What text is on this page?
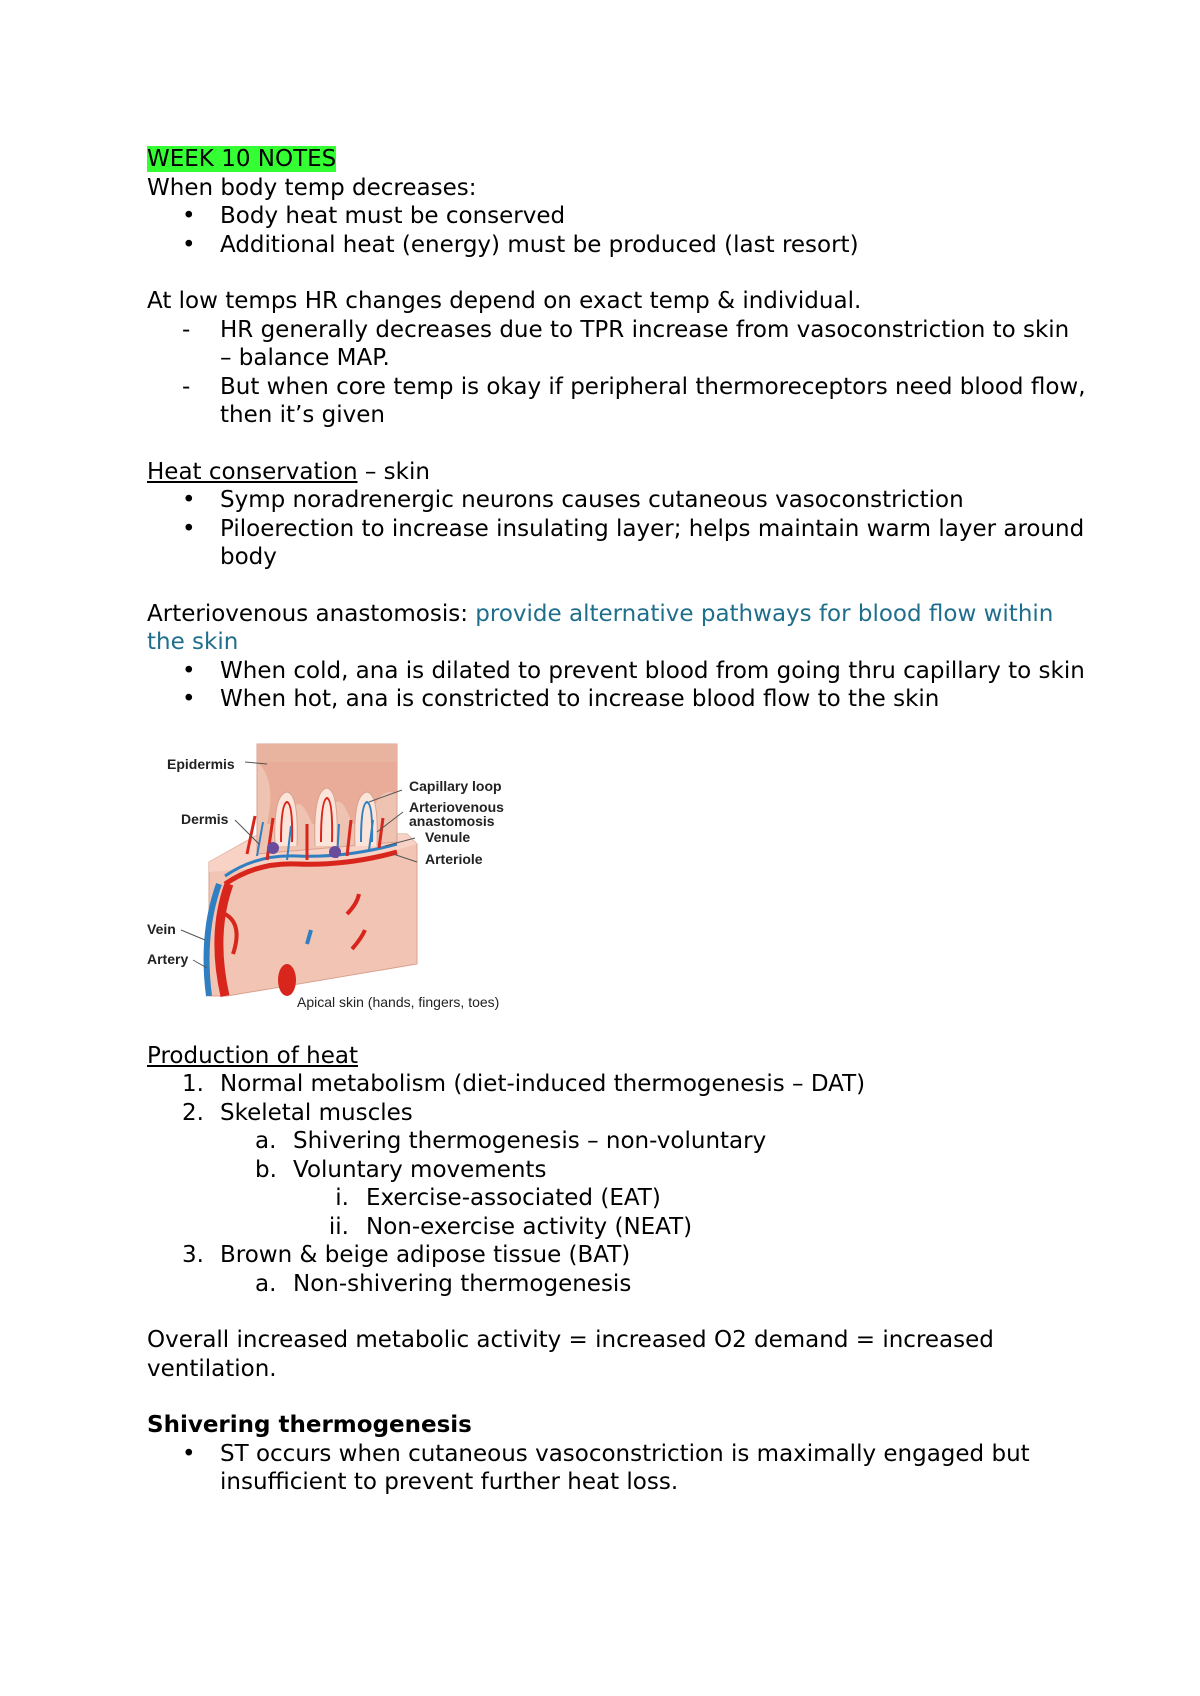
WEEK 10 NOTES

When body temp decreases:

• Body heat must be conserved
• Additional heat (energy) must be produced (last resort)

At low temps HR changes depend on exact temp & individual.

- HR generally decreases due to TPR increase from vasoconstriction to skin – balance MAP.
- But when core temp is okay if peripheral thermoreceptors need blood flow, then it’s given

Heat conservation – skin

• Symp noradrenergic neurons causes cutaneous vasoconstriction
• Piloerection to increase insulating layer; helps maintain warm layer around body

Arteriovenous anastomosis: provide alternative pathways for blood flow within the skin

• When cold, ana is dilated to prevent blood from going thru capillary to skin
• When hot, ana is constricted to increase blood flow to the skin
Epidermis
Dermis
Vein
Artery
Capillary loop
Arteriovenous
anastomosis
Venule
Arteriole
Apical skin (hands, fingers, toes)

Production of heat

1. Normal metabolism (diet-induced thermogenesis – DAT)
2. Skeletal muscles
a. Shivering thermogenesis – non-voluntary
b. Voluntary movements
i. Exercise-associated (EAT)
ii. Non-exercise activity (NEAT)
3. Brown & beige adipose tissue (BAT)
a. Non-shivering thermogenesis

Overall increased metabolic activity = increased O2 demand = increased ventilation.

Shivering thermogenesis

• ST occurs when cutaneous vasoconstriction is maximally engaged but insufficient to prevent further heat loss.
